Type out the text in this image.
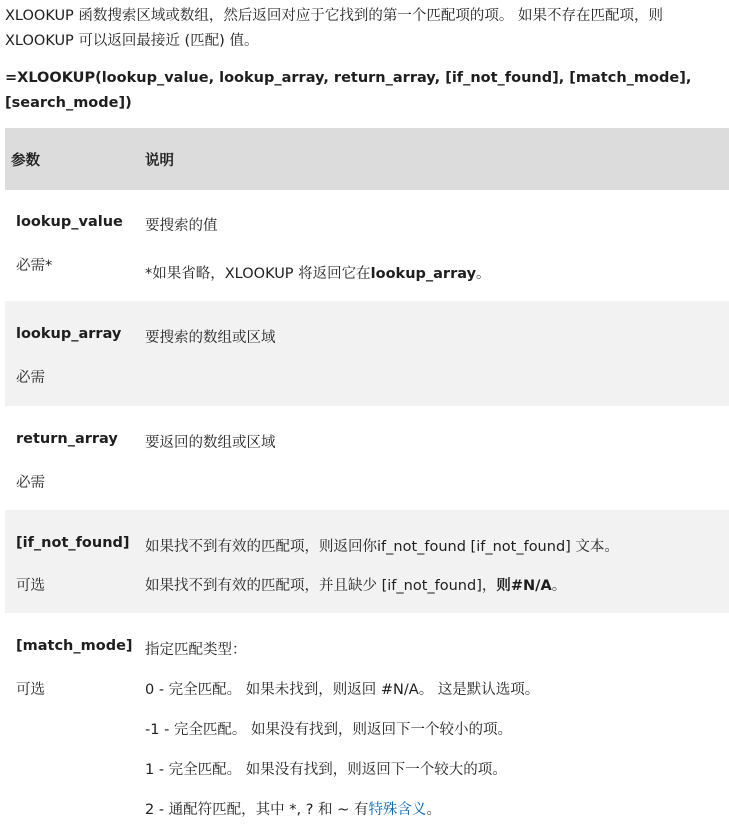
XLOOKUP 函数搜索区域或数组，然后返回对应于它找到的第一个匹配项的项。 如果不存在匹配项，则
XLOOKUP 可以返回最接近 (匹配) 值。
=XLOOKUP(lookup_value, lookup_array, return_array, [if_not_found], [match_mode],
[search_mode])
参数	说明
lookup_value
必需*
要搜索的值
*如果省略，XLOOKUP 将返回它在lookup_array。
lookup_array
必需
要搜索的数组或区域
return_array
必需
要返回的数组或区域
[if_not_found]
可选
如果找不到有效的匹配项，则返回你if_not_found [if_not_found] 文本。
如果找不到有效的匹配项，并且缺少 [if_not_found]，则#N/A。
[match_mode]
可选
指定匹配类型：
0 - 完全匹配。 如果未找到，则返回 #N/A。 这是默认选项。
-1 - 完全匹配。 如果没有找到，则返回下一个较小的项。
1 - 完全匹配。 如果没有找到，则返回下一个较大的项。
2 - 通配符匹配，其中 *, ? 和 ~ 有特殊含义。
